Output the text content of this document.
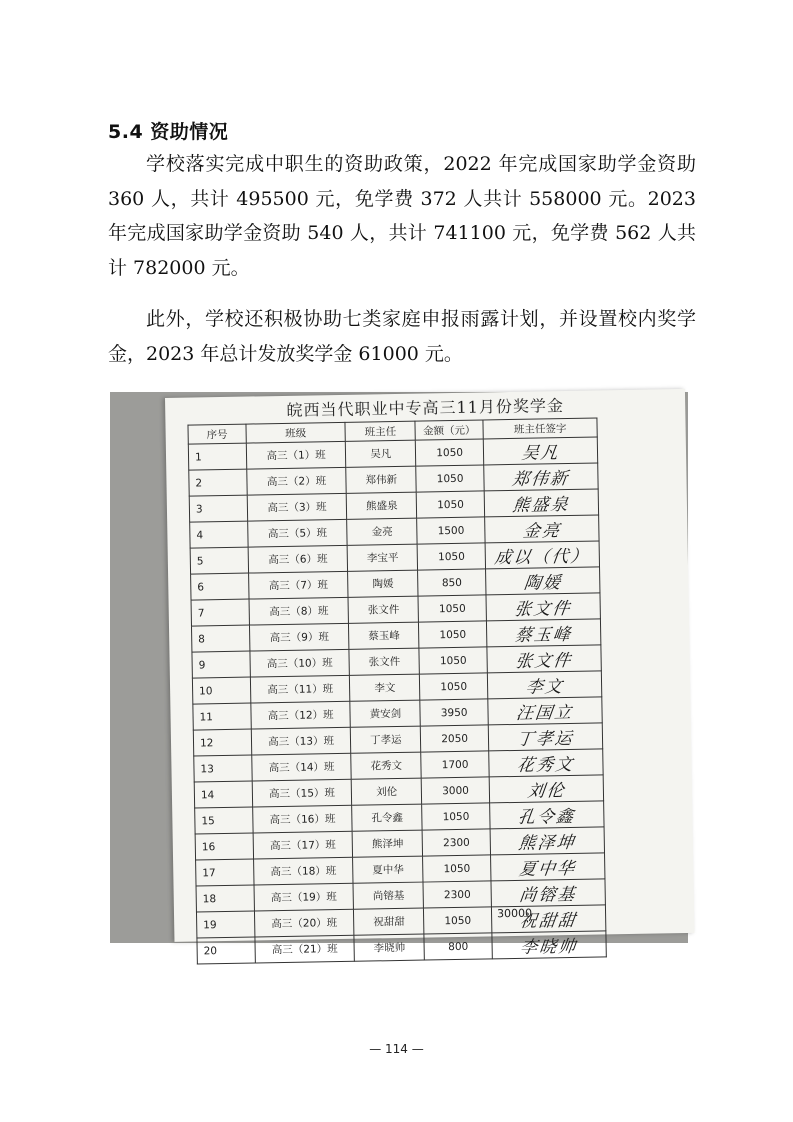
5.4 资助情况

学校落实完成中职生的资助政策，2022 年完成国家助学金资助 360 人，共计 495500 元，免学费 372 人共计 558000 元。2023 年完成国家助学金资助 540 人，共计 741100 元，免学费 562 人共计 782000 元。

此外，学校还积极协助七类家庭申报雨露计划，并设置校内奖学金，2023 年总计发放奖学金 61000 元。

皖西当代职业中专高三11月份奖学金
序号	班级	班主任	金额（元）	班主任签字
1	高三（1）班	吴凡	1050	吴凡
2	高三（2）班	郑伟新	1050	郑伟新
3	高三（3）班	熊盛泉	1050	熊盛泉
4	高三（5）班	金亮	1500	金亮
5	高三（6）班	李宝平	1050	成以（代）
6	高三（7）班	陶媛	850	陶媛
7	高三（8）班	张文件	1050	张文件
8	高三（9）班	蔡玉峰	1050	蔡玉峰
9	高三（10）班	张文件	1050	张文件
10	高三（11）班	李文	1050	李文
11	高三（12）班	黄安剑	3950	汪国立
12	高三（13）班	丁孝运	2050	丁孝运
13	高三（14）班	花秀文	1700	花秀文
14	高三（15）班	刘伦	3000	刘伦
15	高三（16）班	孔令鑫	1050	孔令鑫
16	高三（17）班	熊泽坤	2300	熊泽坤
17	高三（18）班	夏中华	1050	夏中华
18	高三（19）班	尚镕基	2300	尚镕基
19	高三（20）班	祝甜甜	1050	祝甜甜
20	高三（21）班	李晓帅	800	李晓帅
30000
— 114 —
